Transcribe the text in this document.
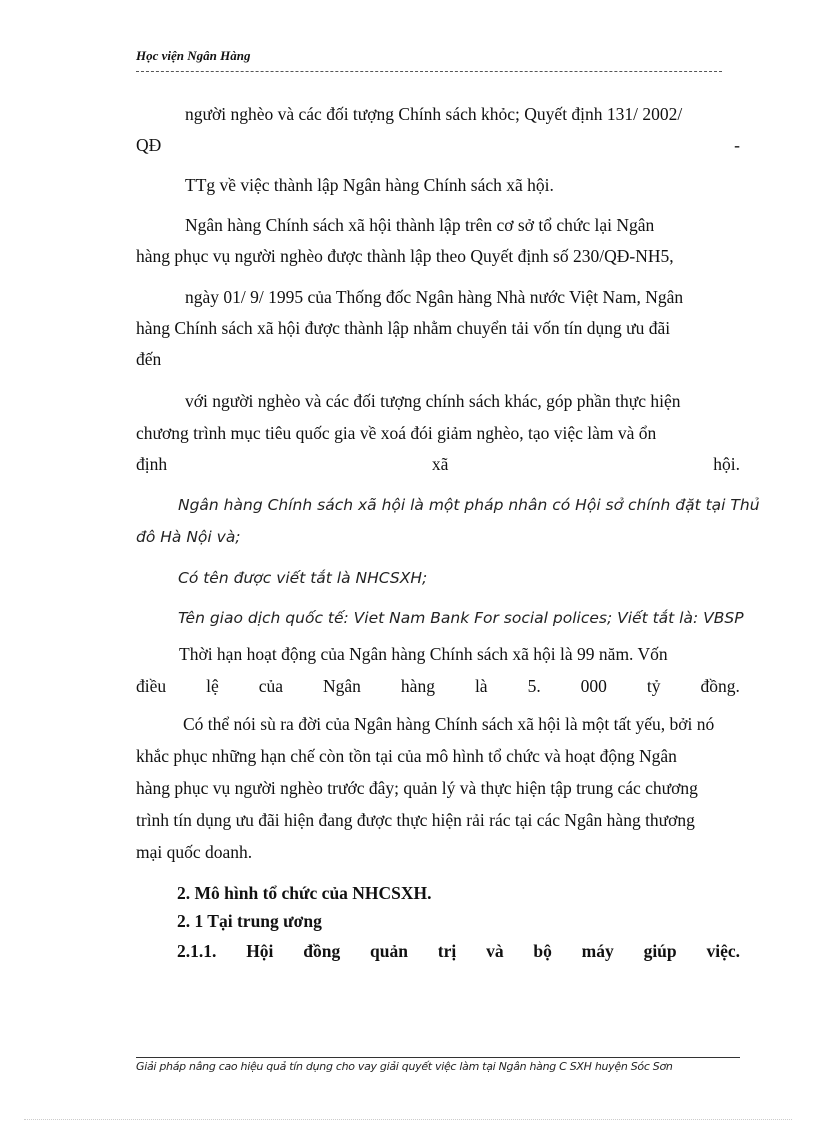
Học viện Ngân Hàng
người nghèo và các đối tượng Chính sách khỏc; Quyết định 131/ 2002/
QĐ	-
TTg về việc thành lập Ngân hàng Chính sách xã hội.
Ngân hàng Chính sách xã hội thành lập trên cơ sở tổ chức lại Ngân
hàng phục vụ người nghèo được thành lập theo Quyết định số 230/QĐ-NH5,
ngày 01/ 9/ 1995 của Thống đốc Ngân hàng Nhà nước Việt Nam, Ngân
hàng Chính sách xã hội được thành lập nhằm chuyển tải vốn tín dụng ưu đãi
đến
với người nghèo và các đối tượng chính sách khác, góp phần thực hiện
chương trình mục tiêu quốc gia về xoá đói giảm nghèo, tạo việc làm và ổn
định	xã	hội.
Ngân hàng Chính sách xã hội là một pháp nhân có Hội sở chính đặt tại Thủ
đô Hà Nội và;
Có tên được viết tắt là NHCSXH;
Tên giao dịch quốc tế: Viet Nam Bank For social polices; Viết tắt là: VBSP
Thời hạn hoạt động của Ngân hàng Chính sách xã hội là 99 năm. Vốn
điều lệ của Ngân hàng là 5. 000 tỷ đồng.
Có thể nói sù ra đời của Ngân hàng Chính sách xã hội là một tất yếu, bởi nó
khắc phục những hạn chế còn tồn tại của mô hình tổ chức và hoạt động Ngân
hàng phục vụ người nghèo trước đây; quản lý và thực hiện tập trung các chương
trình tín dụng ưu đãi hiện đang được thực hiện rải rác tại các Ngân hàng thương
mại quốc doanh.
2. Mô hình tổ chức của NHCSXH.
2. 1 Tại trung ương
2.1.1. Hội đồng quản trị và bộ máy giúp việc.
Giải pháp nâng cao hiệu quả tín dụng cho vay giải quyết việc làm tại Ngân hàng C SXH huyện Sóc Sơn
